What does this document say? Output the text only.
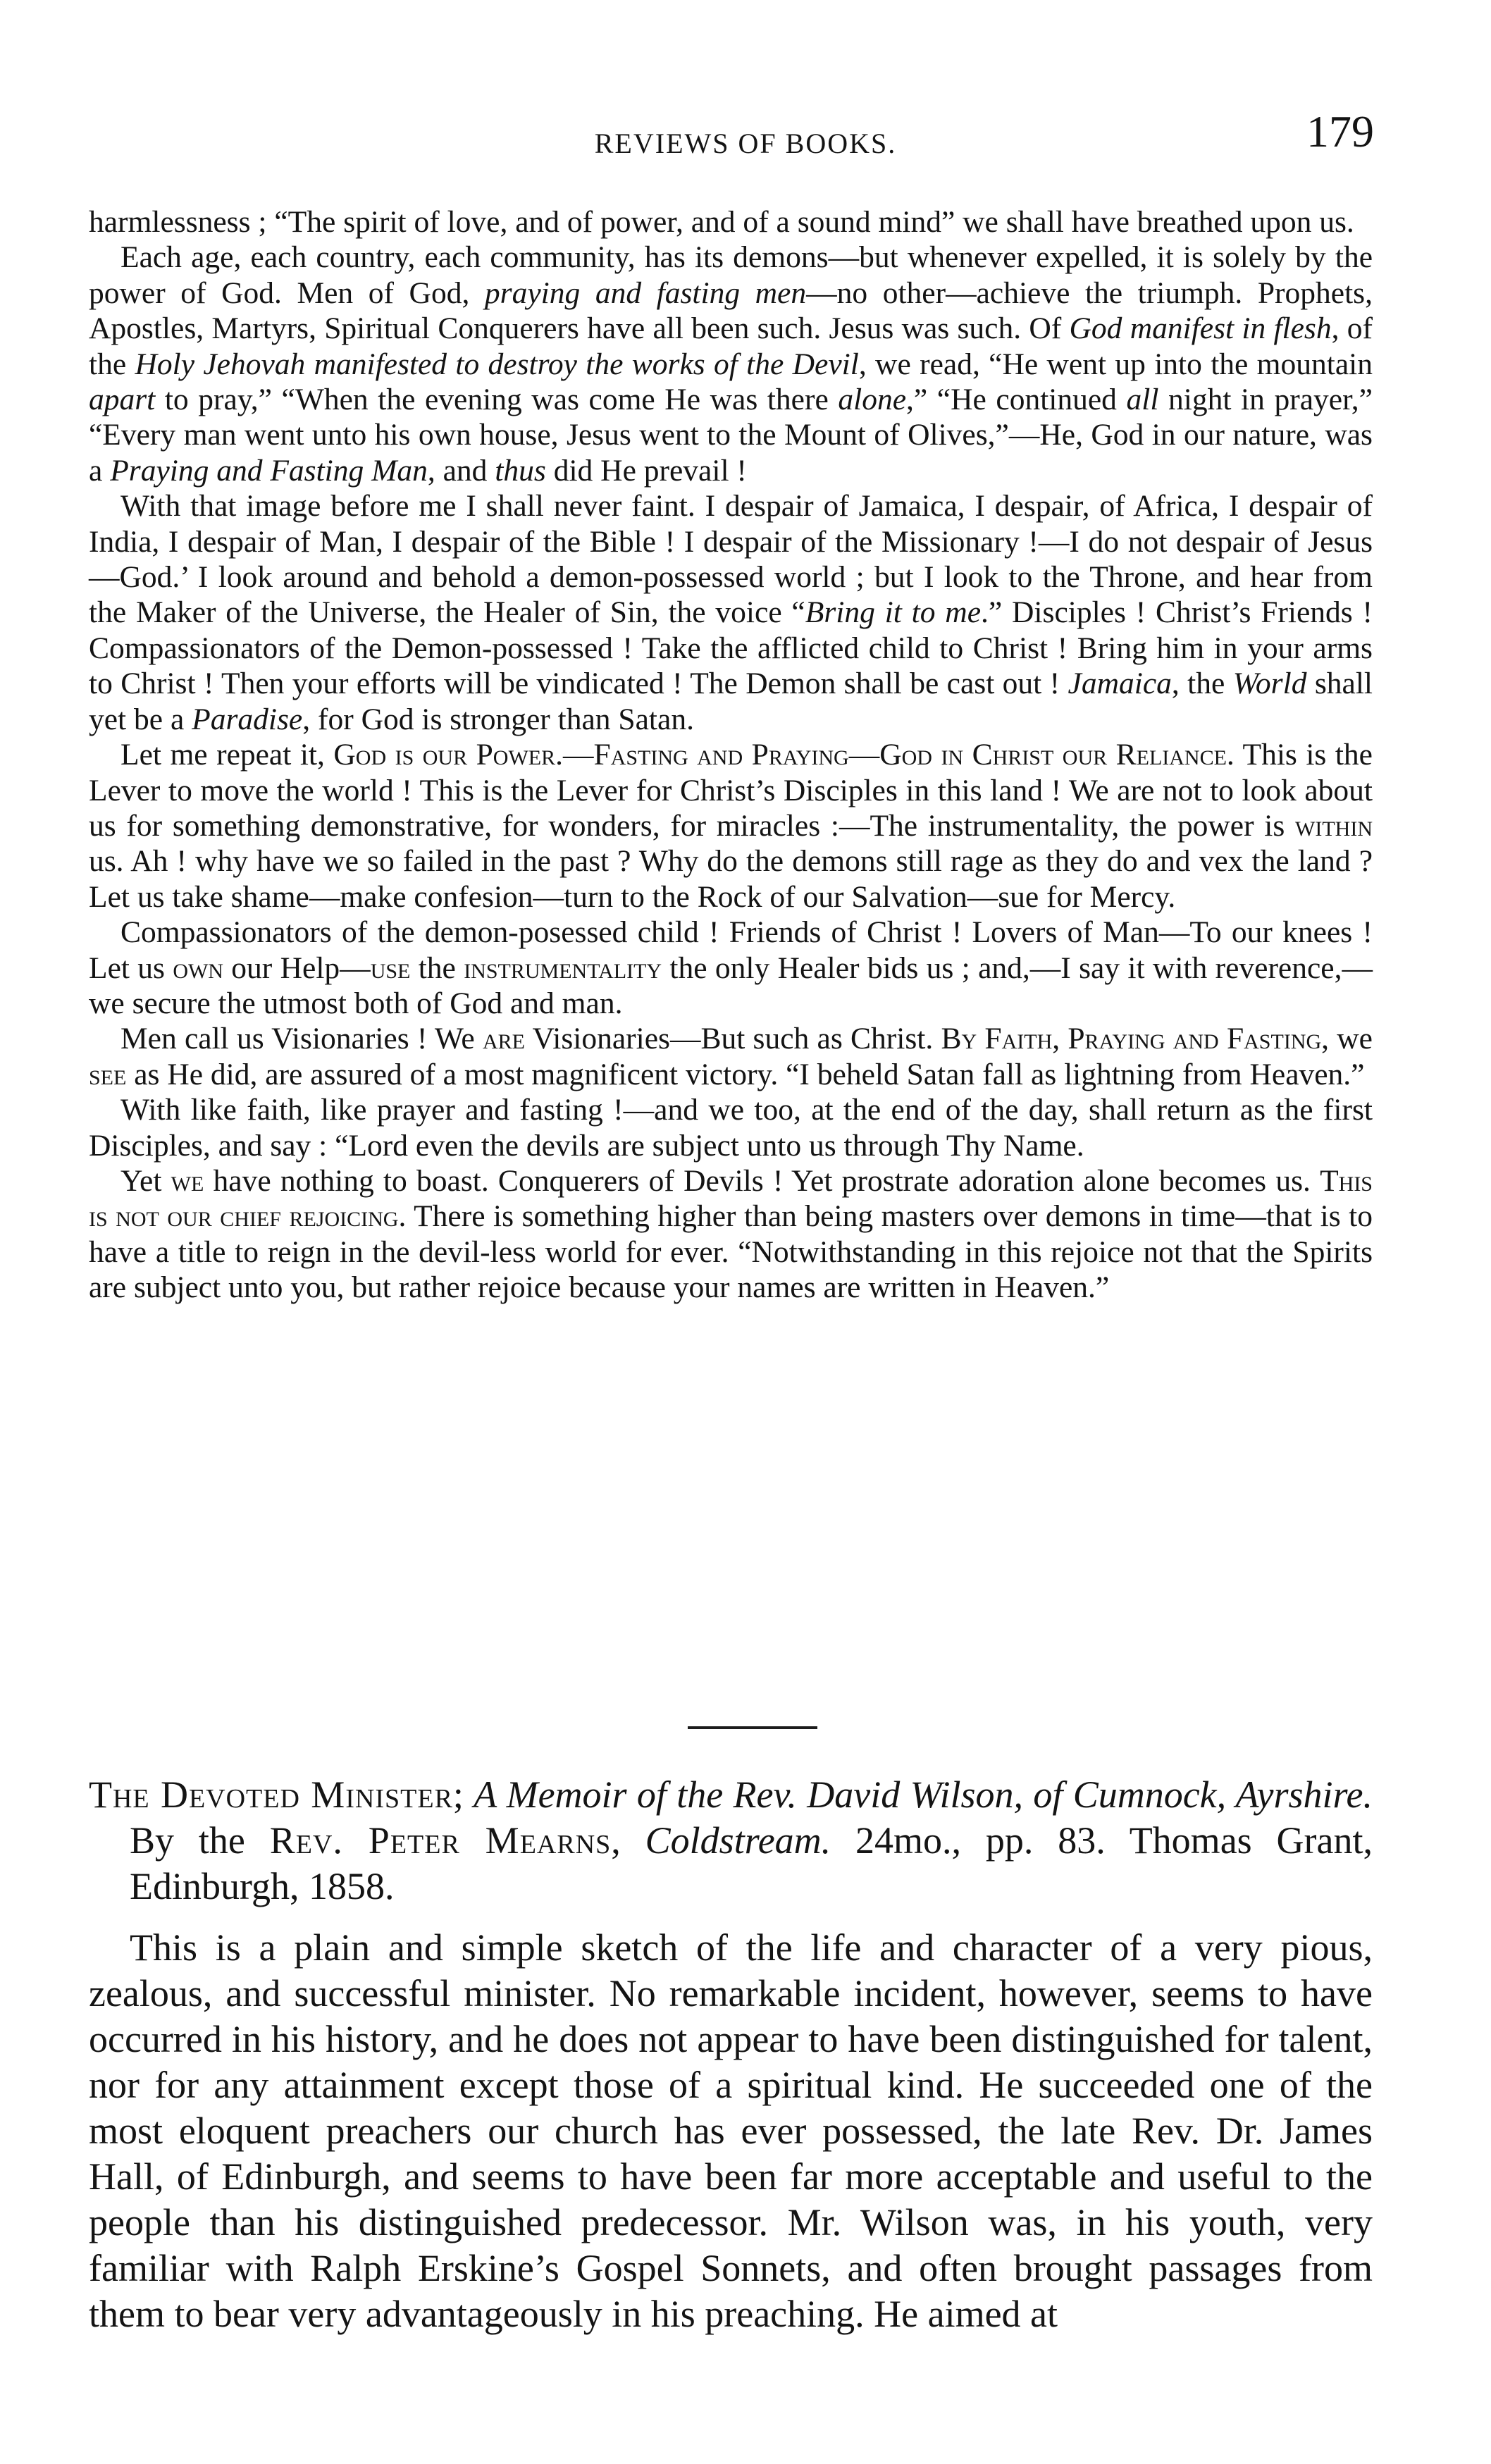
REVIEWS OF BOOKS.	179

harmlessness ; “The spirit of love, and of power, and of a sound mind” we shall have breathed upon us.

Each age, each country, each community, has its demons—but whenever expelled, it is solely by the power of God. Men of God, praying and fasting men—no other—achieve the triumph. Prophets, Apostles, Martyrs, Spiritual Conquerers have all been such. Jesus was such. Of God manifest in flesh, of the Holy Jehovah manifested to destroy the works of the Devil, we read, “He went up into the mountain apart to pray,” “When the evening was come He was there alone,” “He continued all night in prayer,” “Every man went unto his own house, Jesus went to the Mount of Olives,”—He, God in our nature, was a Praying and Fasting Man, and thus did He prevail !

With that image before me I shall never faint. I despair of Jamaica, I despair, of Africa, I despair of India, I despair of Man, I despair of the Bible ! I despair of the Missionary !—I do not despair of Jesus—God.’ I look around and behold a demon-possessed world ; but I look to the Throne, and hear from the Maker of the Universe, the Healer of Sin, the voice “Bring it to me.” Disciples ! Christ’s Friends ! Compassionators of the Demon-possessed ! Take the afflicted child to Christ ! Bring him in your arms to Christ ! Then your efforts will be vindicated ! The Demon shall be cast out ! Jamaica, the World shall yet be a Paradise, for God is stronger than Satan.

Let me repeat it, God is our Power.—Fasting and Praying—God in Christ our Reliance. This is the Lever to move the world ! This is the Lever for Christ’s Disciples in this land ! We are not to look about us for something demonstrative, for wonders, for miracles :—The instrumentality, the power is within us. Ah ! why have we so failed in the past ? Why do the demons still rage as they do and vex the land ? Let us take shame—make confesion—turn to the Rock of our Salvation—sue for Mercy.

Compassionators of the demon-posessed child ! Friends of Christ ! Lovers of Man—To our knees ! Let us own our Help—use the instrumentality the only Healer bids us ; and,—I say it with reverence,—we secure the utmost both of God and man.

Men call us Visionaries ! We are Visionaries—But such as Christ. By Faith, Praying and Fasting, we see as He did, are assured of a most magnificent victory. “I beheld Satan fall as lightning from Heaven.”

With like faith, like prayer and fasting !—and we too, at the end of the day, shall return as the first Disciples, and say : “Lord even the devils are subject unto us through Thy Name.

Yet we have nothing to boast. Conquerers of Devils ! Yet prostrate adoration alone becomes us. This is not our chief rejoicing. There is something higher than being masters over demons in time—that is to have a title to reign in the devil-less world for ever. “Notwithstanding in this rejoice not that the Spirits are subject unto you, but rather rejoice because your names are written in Heaven.”

The Devoted Minister; A Memoir of the Rev. David Wilson, of Cumnock, Ayrshire. By the Rev. Peter Mearns, Coldstream. 24mo., pp. 83. Thomas Grant, Edinburgh, 1858.

This is a plain and simple sketch of the life and character of a very pious, zealous, and successful minister. No remarkable incident, however, seems to have occurred in his history, and he does not appear to have been distinguished for talent, nor for any attainment except those of a spiritual kind. He succeeded one of the most eloquent preachers our church has ever possessed, the late Rev. Dr. James Hall, of Edinburgh, and seems to have been far more acceptable and useful to the people than his distinguished predecessor. Mr. Wilson was, in his youth, very familiar with Ralph Erskine’s Gospel Sonnets, and often brought passages from them to bear very advantageously in his preaching. He aimed at
